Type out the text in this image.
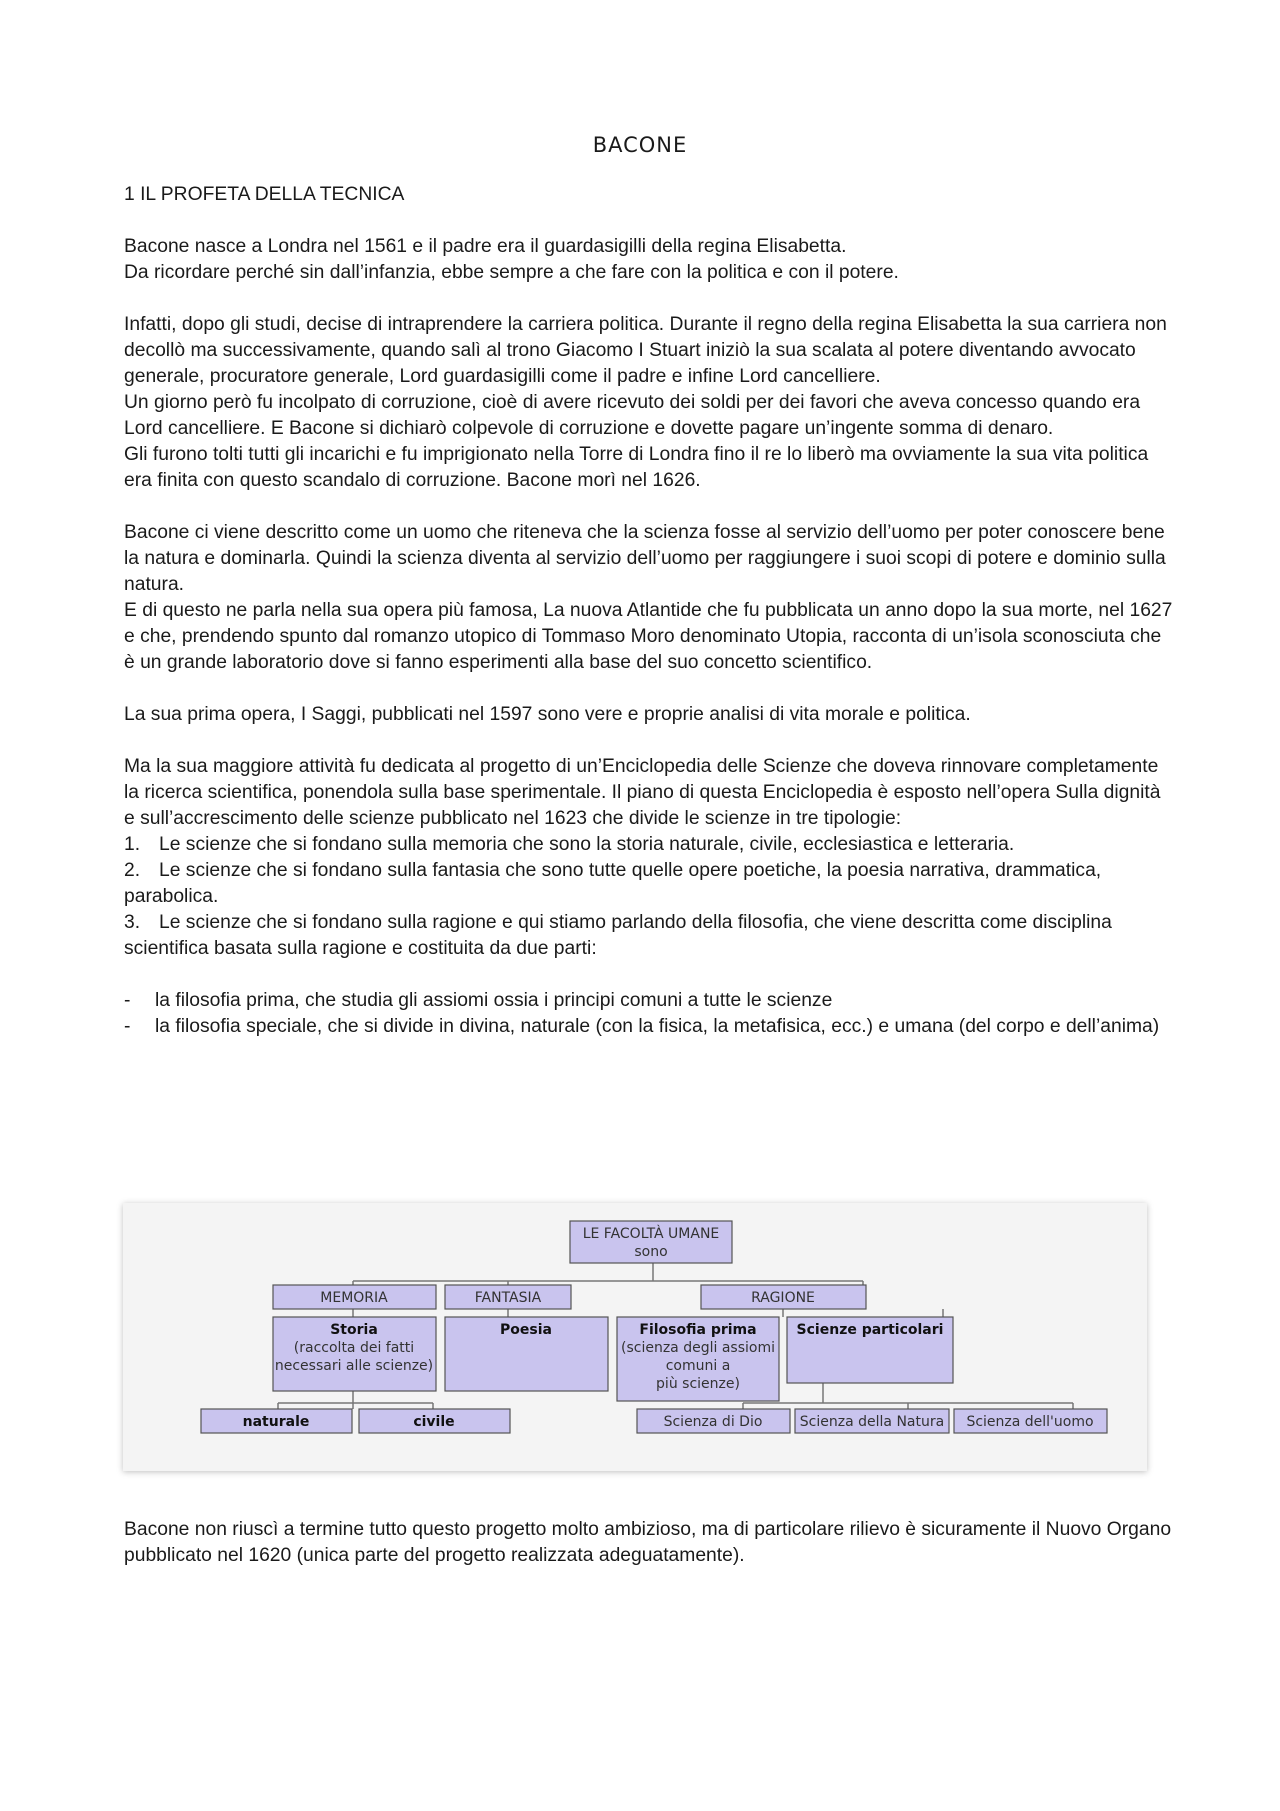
BACONE

1 IL PROFETA DELLA TECNICA

Bacone nasce a Londra nel 1561 e il padre era il guardasigilli della regina Elisabetta.
Da ricordare perché sin dall’infanzia, ebbe sempre a che fare con la politica e con il potere.

Infatti, dopo gli studi, decise di intraprendere la carriera politica. Durante il regno della regina Elisabetta la sua carriera non decollò ma successivamente, quando salì al trono Giacomo I Stuart iniziò la sua scalata al potere diventando avvocato generale, procuratore generale, Lord guardasigilli come il padre e infine Lord cancelliere.
Un giorno però fu incolpato di corruzione, cioè di avere ricevuto dei soldi per dei favori che aveva concesso quando era Lord cancelliere. E Bacone si dichiarò colpevole di corruzione e dovette pagare un’ingente somma di denaro.
Gli furono tolti tutti gli incarichi e fu imprigionato nella Torre di Londra fino il re lo liberò ma ovviamente la sua vita politica era finita con questo scandalo di corruzione. Bacone morì nel 1626.

Bacone ci viene descritto come un uomo che riteneva che la scienza fosse al servizio dell’uomo per poter conoscere bene la natura e dominarla. Quindi la scienza diventa al servizio dell’uomo per raggiungere i suoi scopi di potere e dominio sulla natura.
E di questo ne parla nella sua opera più famosa, La nuova Atlantide che fu pubblicata un anno dopo la sua morte, nel 1627 e che, prendendo spunto dal romanzo utopico di Tommaso Moro denominato Utopia, racconta di un’isola sconosciuta che è un grande laboratorio dove si fanno esperimenti alla base del suo concetto scientifico.

La sua prima opera, I Saggi, pubblicati nel 1597 sono vere e proprie analisi di vita morale e politica.

Ma la sua maggiore attività fu dedicata al progetto di un’Enciclopedia delle Scienze che doveva rinnovare completamente la ricerca scientifica, ponendola sulla base sperimentale. Il piano di questa Enciclopedia è esposto nell’opera Sulla dignità e sull’accrescimento delle scienze pubblicato nel 1623 che divide le scienze in tre tipologie:

1. Le scienze che si fondano sulla memoria che sono la storia naturale, civile, ecclesiastica e letteraria.

2. Le scienze che si fondano sulla fantasia che sono tutte quelle opere poetiche, la poesia narrativa, drammatica, parabolica.

3. Le scienze che si fondano sulla ragione e qui stiamo parlando della filosofia, che viene descritta come disciplina scientifica basata sulla ragione e costituita da due parti:

- la filosofia prima, che studia gli assiomi ossia i principi comuni a tutte le scienze

- la filosofia speciale, che si divide in divina, naturale (con la fisica, la metafisica, ecc.) e umana (del corpo e dell’anima)

LE FACOLTÀ UMANE
sono
MEMORIA	FANTASIA	RAGIONE
Storia
(raccolta dei fatti
necessari alle scienze)
Poesia	Filosofia prima
(scienza degli assiomi
comuni a
più scienze)
Scienze particolari
naturale	civile	Scienza di Dio	Scienza della Natura Scienza dell'uomo

Bacone non riuscì a termine tutto questo progetto molto ambizioso, ma di particolare rilievo è sicuramente il Nuovo Organo pubblicato nel 1620 (unica parte del progetto realizzata adeguatamente).
